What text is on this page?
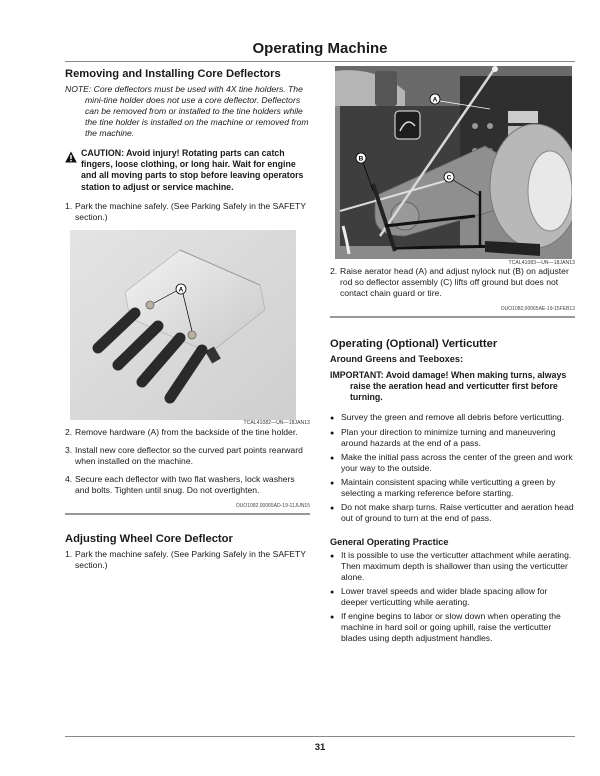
Operating Machine
Removing and Installing Core Deflectors
NOTE: Core deflectors must be used with 4X tine holders. The mini-tine holder does not use a core deflector. Deflectors can be removed from or installed to the tine holders while the tine holder is installed on the machine or removed from the machine.
CAUTION: Avoid injury! Rotating parts can catch fingers, loose clothing, or long hair. Wait for engine and all moving parts to stop before leaving operators station to adjust or service machine.
1. Park the machine safely. (See Parking Safely in the SAFETY section.)
A
TCAL41082—UN—18JAN13
2. Remove hardware (A) from the backside of the tine holder.
3. Install new core deflector so the curved part points rearward when installed on the machine.
4. Secure each deflector with two flat washers, lock washers and bolts. Tighten until snug. Do not overtighten.
OUO1082,00065AD-19-11JUN15
Adjusting Wheel Core Deflector
1. Park the machine safely. (See Parking Safely in the SAFETY section.)
A
B
C
TCAL41083—UN—18JAN13
2. Raise aerator head (A) and adjust nylock nut (B) on adjuster rod so deflector assembly (C) lifts off ground but does not contact chain guard or tire.
OUO1082,00065AE-19-15FEB13
Operating (Optional) Verticutter
Around Greens and Teeboxes:
IMPORTANT: Avoid damage! When making turns, always raise the aeration head and verticutter first before turning.
● Survey the green and remove all debris before verticutting.
● Plan your direction to minimize turning and maneuvering around hazards at the end of a pass.
● Make the initial pass across the center of the green and work your way to the outside.
● Maintain consistent spacing while verticutting a green by selecting a marking reference before starting.
● Do not make sharp turns. Raise verticutter and aeration head out of ground to turn at the end of pass.
General Operating Practice
● It is possible to use the verticutter attachment while aerating. Then maximum depth is shallower than using the verticutter alone.
● Lower travel speeds and wider blade spacing allow for deeper verticutting while aerating.
● If engine begins to labor or slow down when operating the machine in hard soil or going uphill, raise the verticutter blades using depth adjustment handles.
31
